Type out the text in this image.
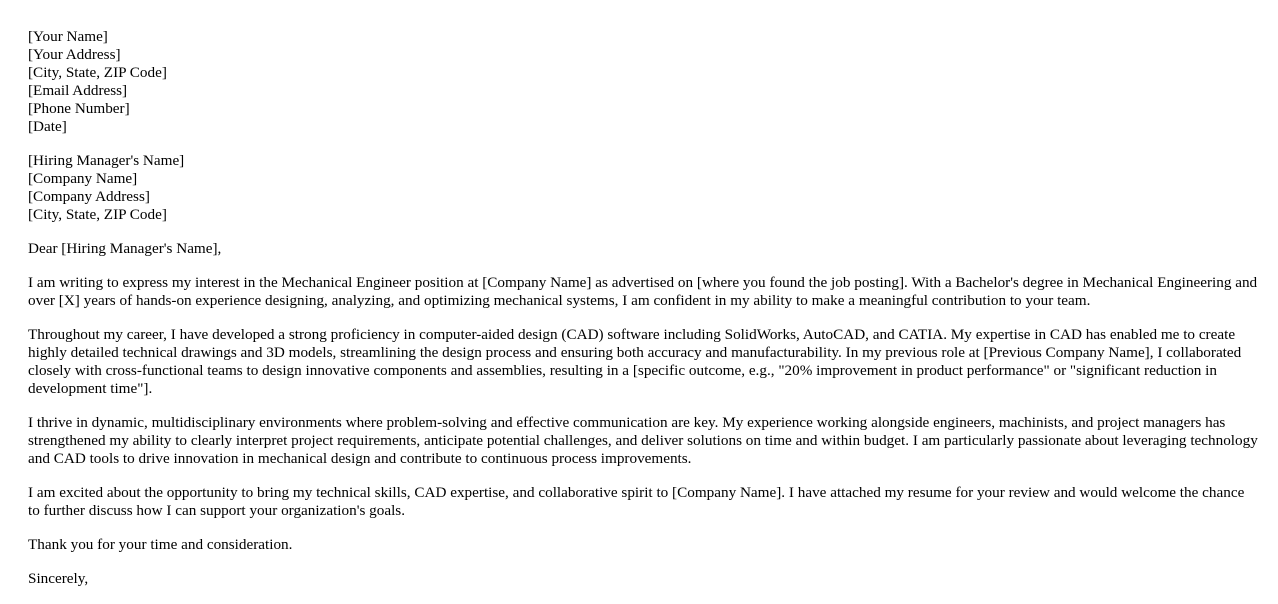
[Your Name]
[Your Address]
[City, State, ZIP Code]
[Email Address]
[Phone Number]
[Date]
[Hiring Manager's Name]
[Company Name]
[Company Address]
[City, State, ZIP Code]

Dear [Hiring Manager's Name],

I am writing to express my interest in the Mechanical Engineer position at [Company Name] as advertised on [where you found the job posting]. With a Bachelor's degree in Mechanical Engineering and over [X] years of hands-on experience designing, analyzing, and optimizing mechanical systems, I am confident in my ability to make a meaningful contribution to your team.

Throughout my career, I have developed a strong proficiency in computer-aided design (CAD) software including SolidWorks, AutoCAD, and CATIA. My expertise in CAD has enabled me to create highly detailed technical drawings and 3D models, streamlining the design process and ensuring both accuracy and manufacturability. In my previous role at [Previous Company Name], I collaborated closely with cross-functional teams to design innovative components and assemblies, resulting in a [specific outcome, e.g., "20% improvement in product performance" or "significant reduction in development time"].

I thrive in dynamic, multidisciplinary environments where problem-solving and effective communication are key. My experience working alongside engineers, machinists, and project managers has strengthened my ability to clearly interpret project requirements, anticipate potential challenges, and deliver solutions on time and within budget. I am particularly passionate about leveraging technology and CAD tools to drive innovation in mechanical design and contribute to continuous process improvements.

I am excited about the opportunity to bring my technical skills, CAD expertise, and collaborative spirit to [Company Name]. I have attached my resume for your review and would welcome the chance to further discuss how I can support your organization's goals.

Thank you for your time and consideration.

Sincerely,
